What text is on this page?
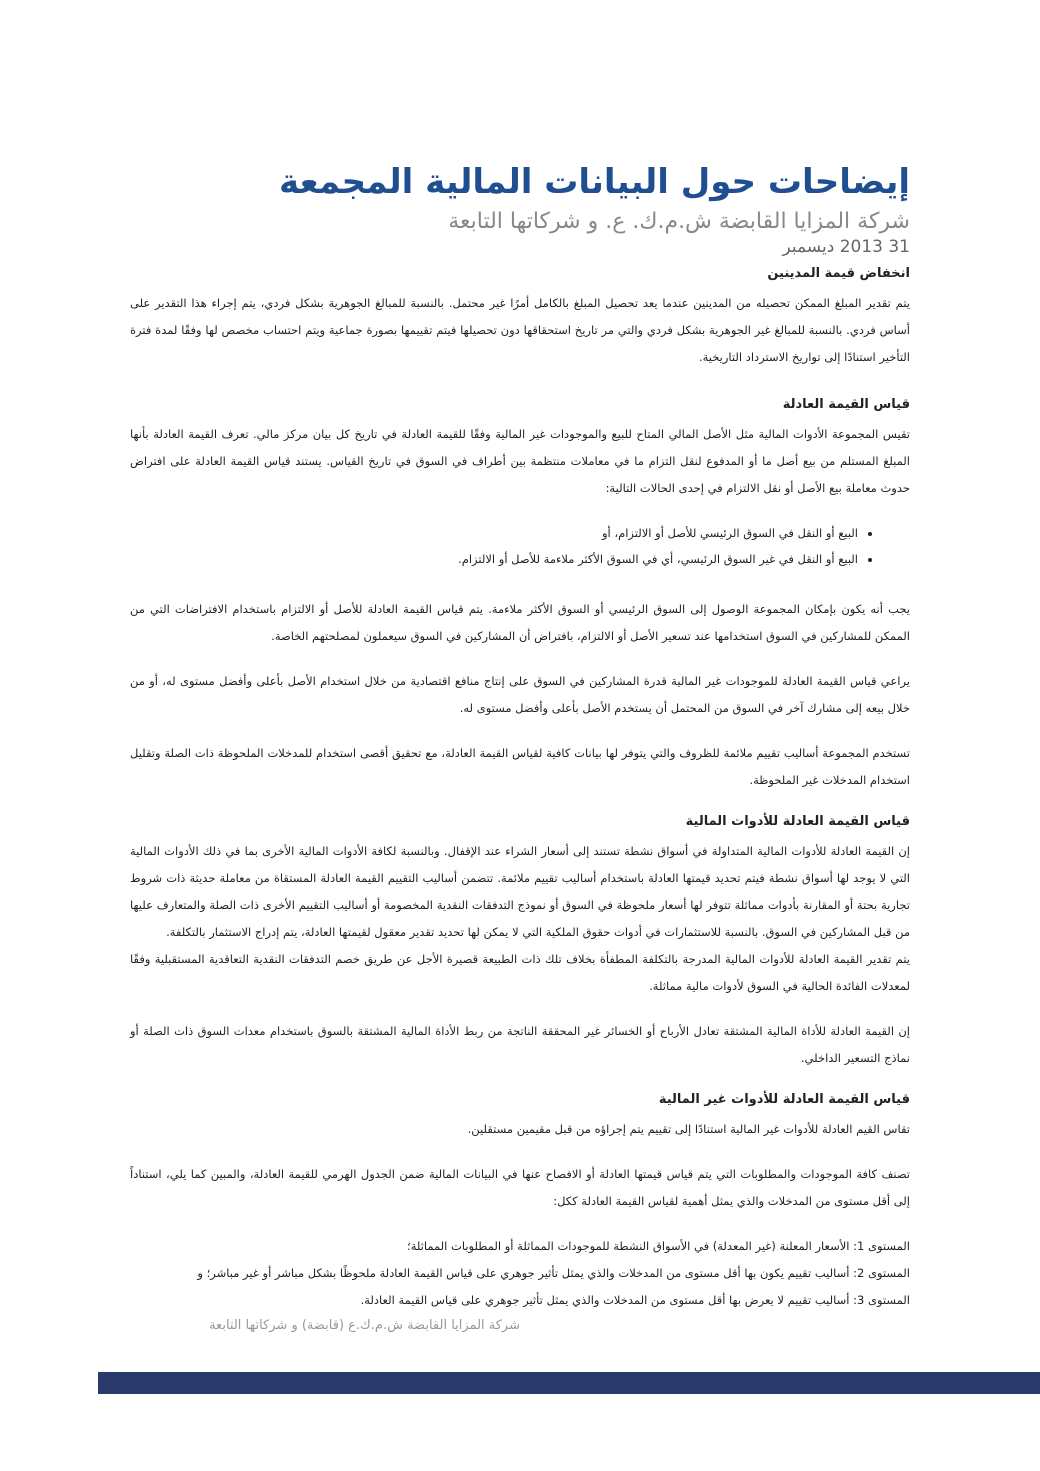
إيضاحات حول البيانات المالية المجمعة
شركة المزايا القابضة ش.م.ك. ع. و شركاتها التابعة
2013 31 ديسمبر
انخفاض قيمة المدينين

يتم تقدير المبلغ الممكن تحصيله من المدينين عندما يعد تحصيل المبلغ بالكامل أمرًا غير محتمل. بالنسبة للمبالغ الجوهرية بشكل فردي، يتم إجراء هذا التقدير على أساس فردي. بالنسبة للمبالغ غير الجوهرية بشكل فردي والتي مر تاريخ استحقاقها دون تحصيلها فيتم تقييمها بصورة جماعية ويتم احتساب مخصص لها وفقًا لمدة فترة التأخير استنادًا إلى تواريخ الاسترداد التاريخية.

قياس القيمة العادلة

تقيس المجموعة الأدوات المالية مثل الأصل المالي المتاح للبيع والموجودات غير المالية وفقًا للقيمة العادلة في تاريخ كل بيان مركز مالي. تعرف القيمة العادلة بأنها المبلغ المستلم من بيع أصل ما أو المدفوع لنقل التزام ما في معاملات منتظمة بين أطراف في السوق في تاريخ القياس. يستند قياس القيمة العادلة على افتراض حدوث معاملة بيع الأصل أو نقل الالتزام في إحدى الحالات التالية:

• البيع أو النقل في السوق الرئيسي للأصل أو الالتزام، أو
• البيع أو النقل في غير السوق الرئيسي، أي في السوق الأكثر ملاءمة للأصل أو الالتزام.

يجب أنه يكون بإمكان المجموعة الوصول إلى السوق الرئيسي أو السوق الأكثر ملاءمة. يتم قياس القيمة العادلة للأصل أو الالتزام باستخدام الافتراضات التي من الممكن للمشاركين في السوق استخدامها عند تسعير الأصل أو الالتزام، بافتراض أن المشاركين في السوق سيعملون لمصلحتهم الخاصة.

يراعي قياس القيمة العادلة للموجودات غير المالية قدرة المشاركين في السوق على إنتاج منافع اقتصادية من خلال استخدام الأصل بأعلى وأفضل مستوى له، أو من خلال بيعه إلى مشارك آخر في السوق من المحتمل أن يستخدم الأصل بأعلى وأفضل مستوى له.

تستخدم المجموعة أساليب تقييم ملائمة للظروف والتي يتوفر لها بيانات كافية لقياس القيمة العادلة، مع تحقيق أقصى استخدام للمدخلات الملحوظة ذات الصلة وتقليل استخدام المدخلات غير الملحوظة.

قياس القيمة العادلة للأدوات المالية

إن القيمة العادلة للأدوات المالية المتداولة في أسواق نشطة تستند إلى أسعار الشراء عند الإقفال. وبالنسبة لكافة الأدوات المالية الأخرى بما في ذلك الأدوات المالية التي لا يوجد لها أسواق نشطة فيتم تحديد قيمتها العادلة باستخدام أساليب تقييم ملائمة. تتضمن أساليب التقييم القيمة العادلة المستقاة من معاملة حديثة ذات شروط تجارية بحتة أو المقارنة بأدوات مماثلة تتوفر لها أسعار ملحوظة في السوق أو نموذج التدفقات النقدية المخصومة أو أساليب التقييم الأخرى ذات الصلة والمتعارف عليها من قبل المشاركين في السوق. بالنسبة للاستثمارات في أدوات حقوق الملكية التي لا يمكن لها تحديد تقدير معقول لقيمتها العادلة، يتم إدراج الاستثمار بالتكلفة.

يتم تقدير القيمة العادلة للأدوات المالية المدرجة بالتكلفة المطفأة بخلاف تلك ذات الطبيعة قصيرة الأجل عن طريق خصم التدفقات النقدية التعاقدية المستقبلية وفقًا لمعدلات الفائدة الحالية في السوق لأدوات مالية مماثلة.

إن القيمة العادلة للأداة المالية المشتقة تعادل الأرباح أو الخسائر غير المحققة الناتجة من ربط الأداة المالية المشتقة بالسوق باستخدام معدات السوق ذات الصلة أو نماذج التسعير الداخلي.

قياس القيمة العادلة للأدوات غير المالية

تقاس القيم العادلة للأدوات غير المالية استنادًا إلى تقييم يتم إجراؤه من قبل مقيمين مستقلين.

تصنف كافة الموجودات والمطلوبات التي يتم قياس قيمتها العادلة أو الافصاح عنها في البيانات المالية ضمن الجدول الهرمي للقيمة العادلة، والمبين كما يلي، استناداً إلى أقل مستوى من المدخلات والذي يمثل أهمية لقياس القيمة العادلة ككل:

المستوى 1: الأسعار المعلنة (غير المعدلة) في الأسواق النشطة للموجودات المماثلة أو المطلوبات المماثلة؛

المستوى 2: أساليب تقييم يكون بها أقل مستوى من المدخلات والذي يمثل تأثير جوهري على قياس القيمة العادلة ملحوظًا بشكل مباشر أو غير مباشر؛ و

المستوى 3: أساليب تقييم لا يعرض بها أقل مستوى من المدخلات والذي يمثل تأثير جوهري على قياس القيمة العادلة.

شركة المزايا القابضة ش.م.ك.ع (قابضة) و شركاتها التابعة
